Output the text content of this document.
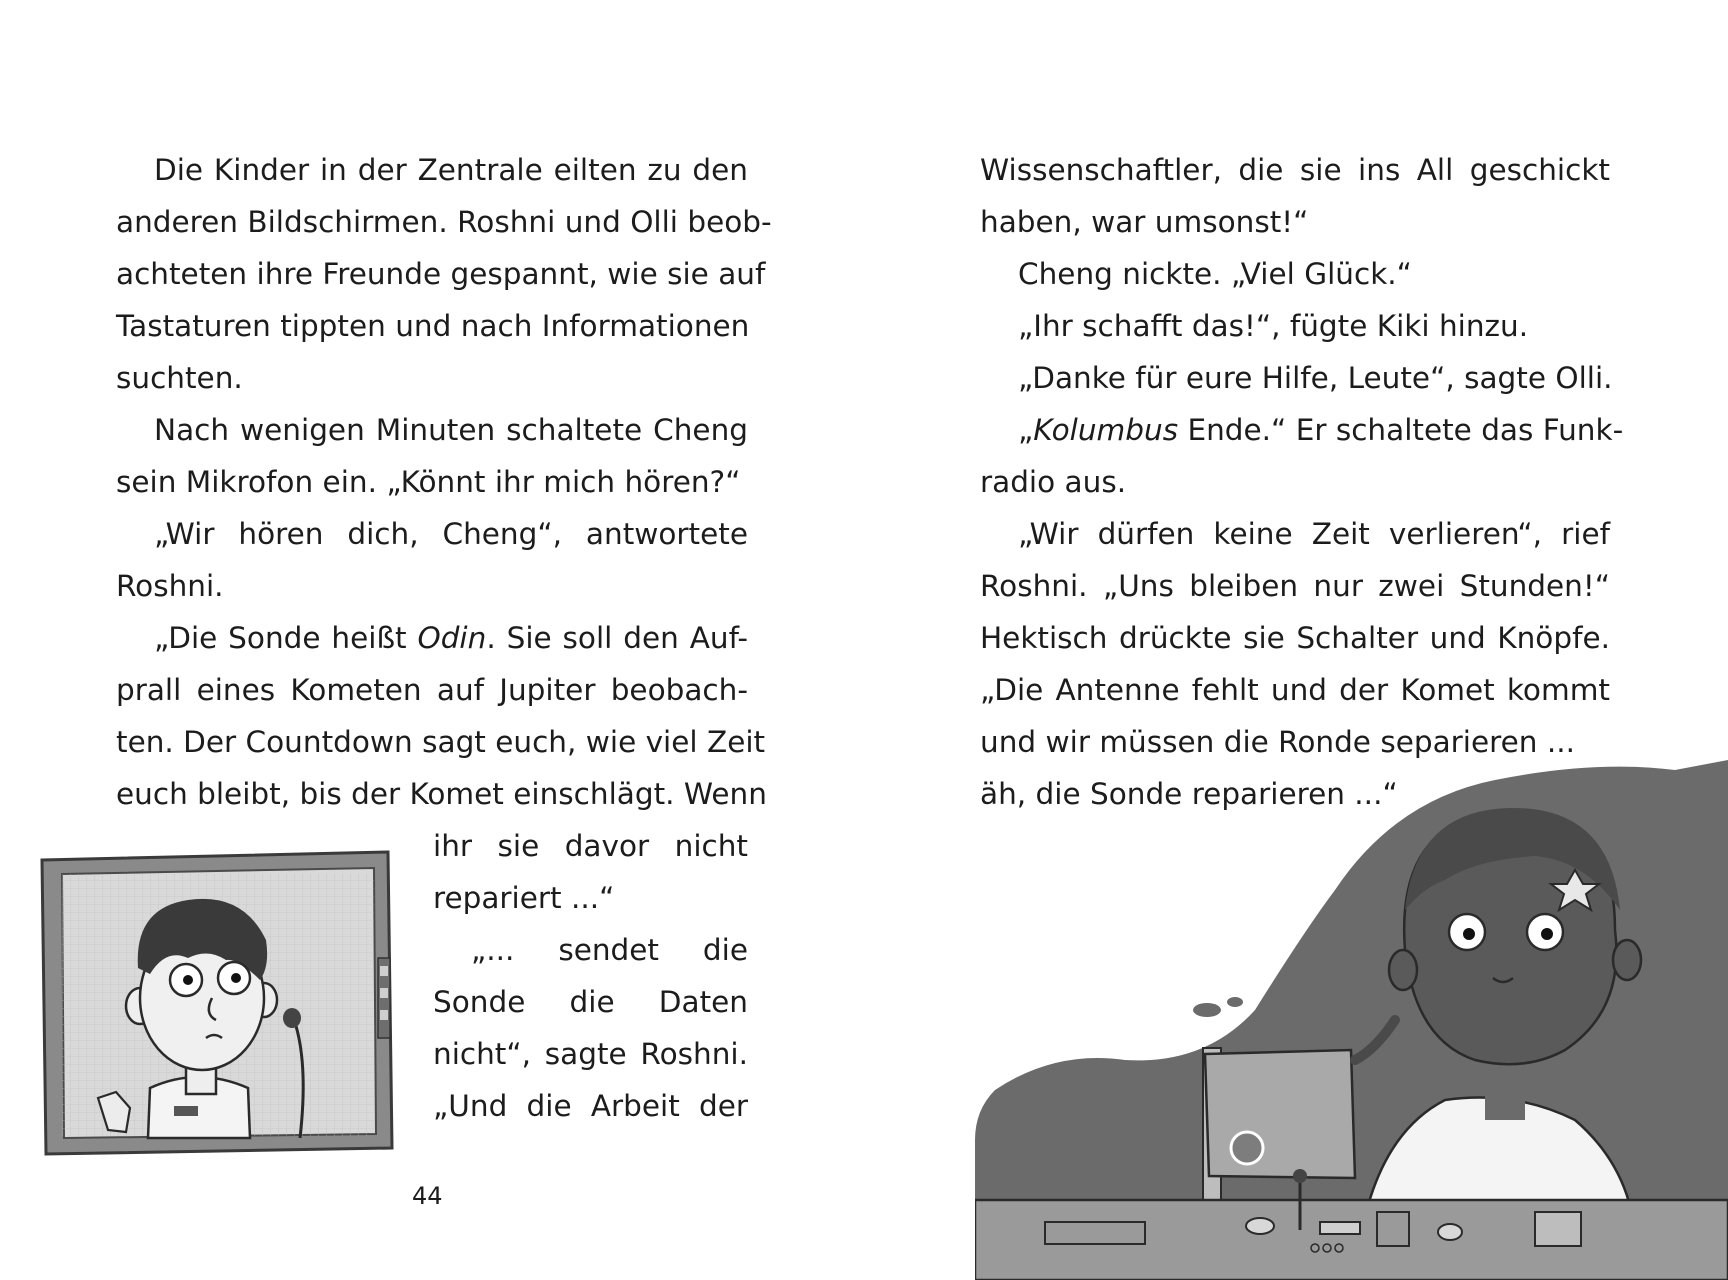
Die Kinder in der Zentrale eilten zu den
anderen Bildschirmen. Roshni und Olli beob-
achteten ihre Freunde gespannt, wie sie auf
Tastaturen tippten und nach Informationen
suchten.

Nach wenigen Minuten schaltete Cheng
sein Mikrofon ein. „Könnt ihr mich hören?“

„Wir hören dich, Cheng“, antwortete
Roshni.

„Die Sonde heißt Odin. Sie soll den Auf-
prall eines Kometen auf Jupiter beobach-
ten. Der Countdown sagt euch, wie viel Zeit
euch bleibt, bis der Komet einschlägt. Wenn

ihr sie davor nicht
repariert ...“
„... sendet die
Sonde die Daten
nicht“, sagte Roshni.
„Und die Arbeit der

Wissenschaftler, die sie ins All geschickt
haben, war umsonst!“

Cheng nickte. „Viel Glück.“

„Ihr schafft das!“, fügte Kiki hinzu.

„Danke für eure Hilfe, Leute“, sagte Olli.

„Kolumbus Ende.“ Er schaltete das Funk-
radio aus.

„Wir dürfen keine Zeit verlieren“, rief
Roshni. „Uns bleiben nur zwei Stunden!“
Hektisch drückte sie Schalter und Knöpfe.
„Die Antenne fehlt und der Komet kommt
und wir müssen die Ronde separieren ...
äh, die Sonde reparieren ...“

44
